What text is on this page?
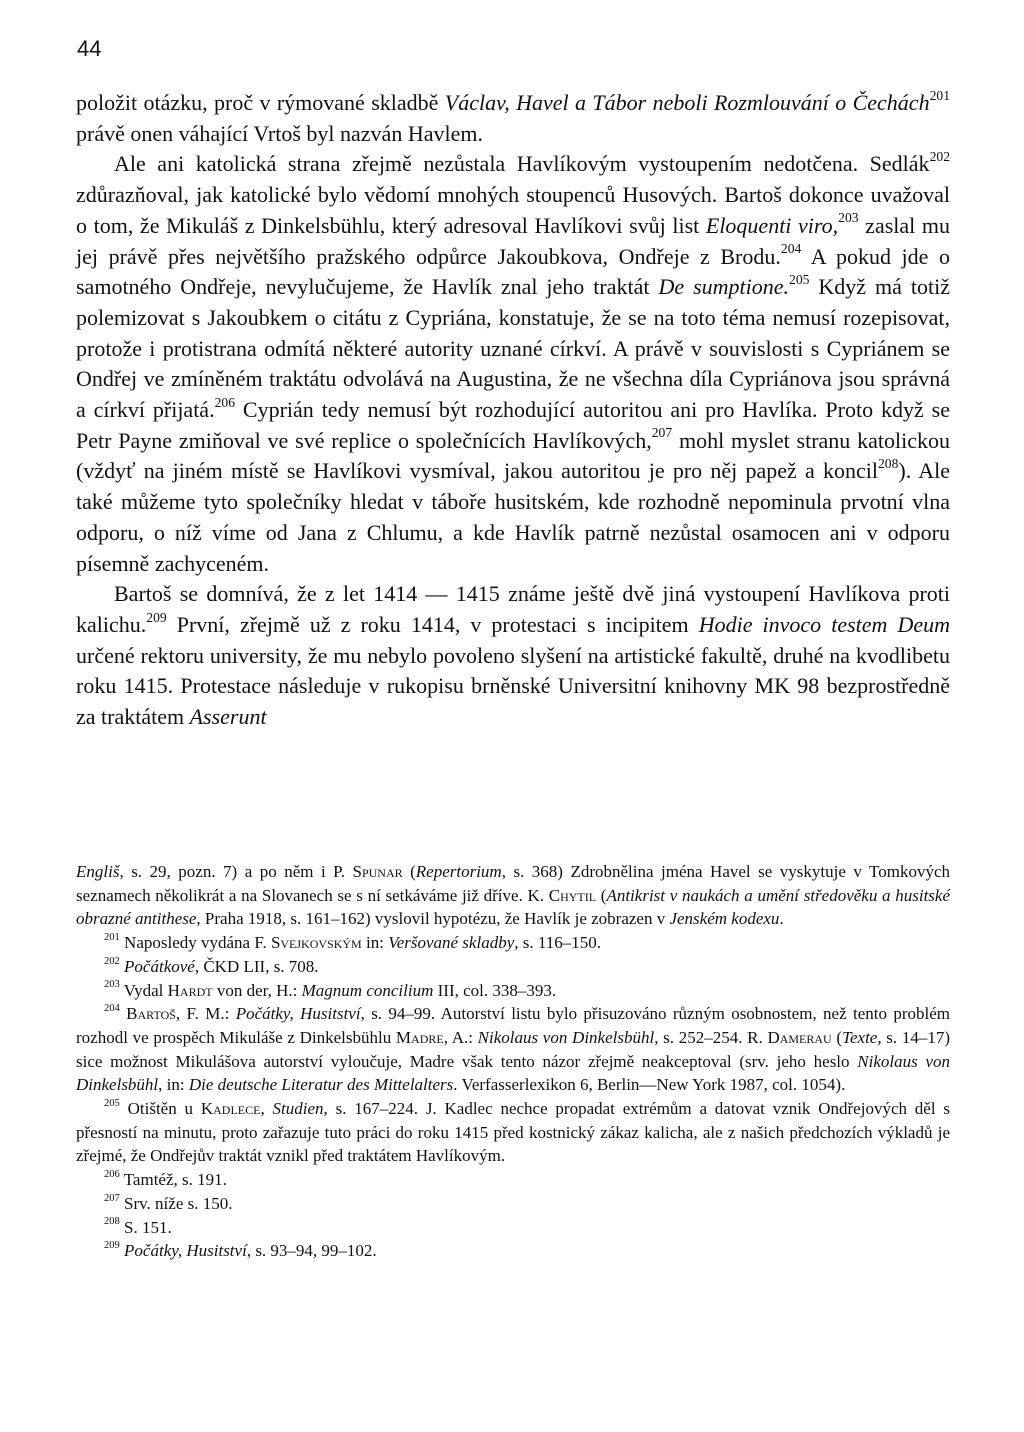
44

položit otázku, proč v rýmované skladbě Václav, Havel a Tábor neboli Rozmlouvání o Čechách$^{201}$ právě onen váhající Vrtoš byl nazván Havlem.

Ale ani katolická strana zřejmě nezůstala Havlíkovým vystoupením nedotčena. Sedlák$^{202}$ zdůrazňoval, jak katolické bylo vědomí mnohých stoupenců Husových. Bartoš dokonce uvažoval o tom, že Mikuláš z Dinkelsbühlu, který adresoval Havlíkovi svůj list Eloquenti viro,$^{203}$ zaslal mu jej právě přes největšího pražského odpůrce Jakoubkova, Ondřeje z Brodu.$^{204}$ A pokud jde o samotného Ondřeje, nevylučujeme, že Havlík znal jeho traktát De sumptione.$^{205}$ Když má totiž polemizovat s Jakoubkem o citátu z Cypriána, konstatuje, že se na toto téma nemusí rozepisovat, protože i protistrana odmítá některé autority uznané církví. A právě v souvislosti s Cypriánem se Ondřej ve zmíněném traktátu odvolává na Augustina, že ne všechna díla Cypriánova jsou správná a církví přijatá.$^{206}$ Cyprián tedy nemusí být rozhodující autoritou ani pro Havlíka. Proto když se Petr Payne zmiňoval ve své replice o společnících Havlíkových,$^{207}$ mohl myslet stranu katolickou (vždyť na jiném místě se Havlíkovi vysmíval, jakou autoritou je pro něj papež a koncil$^{208}$). Ale také můžeme tyto společníky hledat v táboře husitském, kde rozhodně nepominula prvotní vlna odporu, o níž víme od Jana z Chlumu, a kde Havlík patrně nezůstal osamocen ani v odporu písemně zachyceném.

Bartoš se domnívá, že z let 1414 — 1415 známe ještě dvě jiná vystoupení Havlíkova proti kalichu.$^{209}$ První, zřejmě už z roku 1414, v protestaci s incipitem Hodie invoco testem Deum určené rektoru university, že mu nebylo povoleno slyšení na artistické fakultě, druhé na kvodlibetu roku 1415. Protestace následuje v rukopisu brněnské Universitní knihovny MK 98 bezprostředně za traktátem Asserunt

Engliš, s. 29, pozn. 7) a po něm i P. Spunar (Repertorium, s. 368) Zdrobnělina jména Havel se vyskytuje v Tomkových seznamech několikrát a na Slovanech se s ní setkáváme již dříve. K. Chytil (Antikrist v naukách a umění středověku a husitské obrazné antithese, Praha 1918, s. 161–162) vyslovil hypotézu, že Havlík je zobrazen v Jenském kodexu.

$^{201}$ Naposledy vydána F. Svejkovským in: Veršované skladby, s. 116–150.

$^{202}$ Počátkové, ČKD LII, s. 708.

$^{203}$ Vydal Hardt von der, H.: Magnum concilium III, col. 338–393.

$^{204}$ Bartoš, F. M.: Počátky, Husitství, s. 94–99. Autorství listu bylo přisuzováno různým osobnostem, než tento problém rozhodl ve prospěch Mikuláše z Dinkelsbühlu Madre, A.: Nikolaus von Dinkelsbühl, s. 252–254. R. Damerau (Texte, s. 14–17) sice možnost Mikulášova autorství vyloučuje, Madre však tento názor zřejmě neakceptoval (srv. jeho heslo Nikolaus von Dinkelsbühl, in: Die deutsche Literatur des Mittelalters. Verfasserlexikon 6, Berlin—New York 1987, col. 1054).

$^{205}$ Otištěn u Kadlece, Studien, s. 167–224. J. Kadlec nechce propadat extrémům a datovat vznik Ondřejových děl s přesností na minutu, proto zařazuje tuto práci do roku 1415 před kostnický zákaz kalicha, ale z našich předchozích výkladů je zřejmé, že Ondřejův traktát vznikl před traktátem Havlíkovým.

$^{206}$ Tamtéž, s. 191.

$^{207}$ Srv. níže s. 150.

$^{208}$ S. 151.

$^{209}$ Počátky, Husitství, s. 93–94, 99–102.
